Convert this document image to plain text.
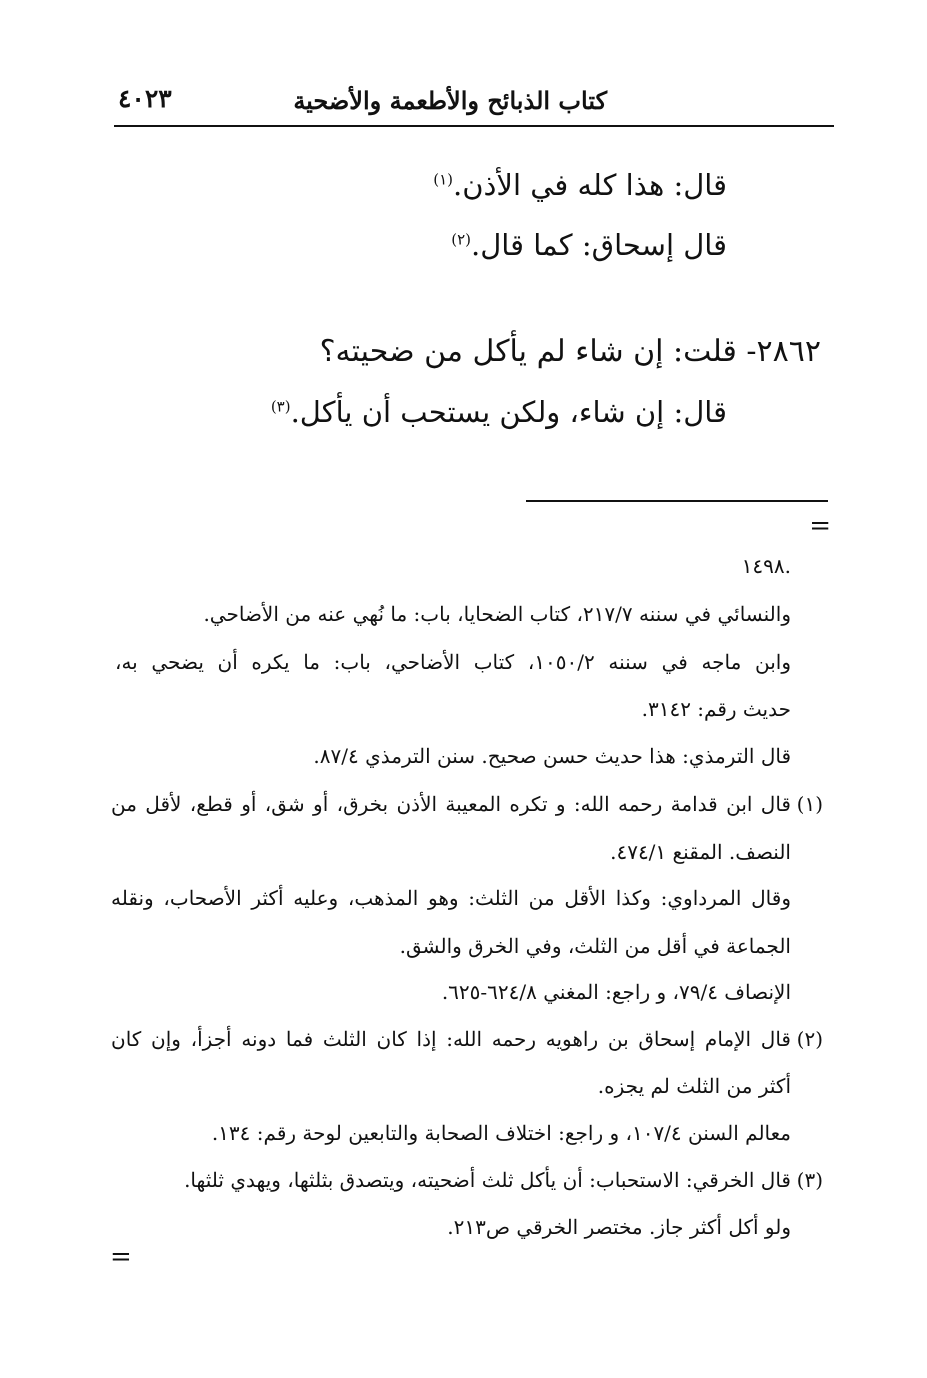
٤٠٢٣	كتاب الذبائح والأطعمة والأضحية
قال: هذا كله في الأذن.$^{(١)}$
قال إسحاق: كما قال.$^{(٢)}$
٢٨٦٢- قلت: إن شاء لم يأكل من ضحيته؟
قال: إن شاء، ولكن يستحب أن يأكل.$^{(٣)}$
=
.١٤٩٨
والنسائي في سننه ٢١٧/٧، كتاب الضحايا، باب: ما نُهي عنه من الأضاحي.
وابن ماجه في سننه ١٠٥٠/٢، كتاب الأضاحي، باب: ما يكره أن يضحي به،
حديث رقم: ٣١٤٢.
قال الترمذي: هذا حديث حسن صحيح. سنن الترمذي ٨٧/٤.
(١)
قال ابن قدامة رحمه الله: و تكره المعيبة الأذن بخرق، أو شق، أو قطع، لأقل من
النصف. المقنع ٤٧٤/١.
وقال المرداوي: وكذا الأقل من الثلث: وهو المذهب، وعليه أكثر الأصحاب، ونقله
الجماعة في أقل من الثلث، وفي الخرق والشق.
الإنصاف ٧٩/٤، و راجع: المغني ٦٢٤/٨-٦٢٥.
(٢)
قال الإمام إسحاق بن راهويه رحمه الله: إذا كان الثلث فما دونه أجزأ، وإن كان
أكثر من الثلث لم يجزه.
معالم السنن ١٠٧/٤، و راجع: اختلاف الصحابة والتابعين لوحة رقم: ١٣٤.
(٣)
قال الخرقي: الاستحباب: أن يأكل ثلث أضحيته، ويتصدق بثلثها، ويهدي ثلثها.
ولو أكل أكثر جاز. مختصر الخرقي ص٢١٣.
=
